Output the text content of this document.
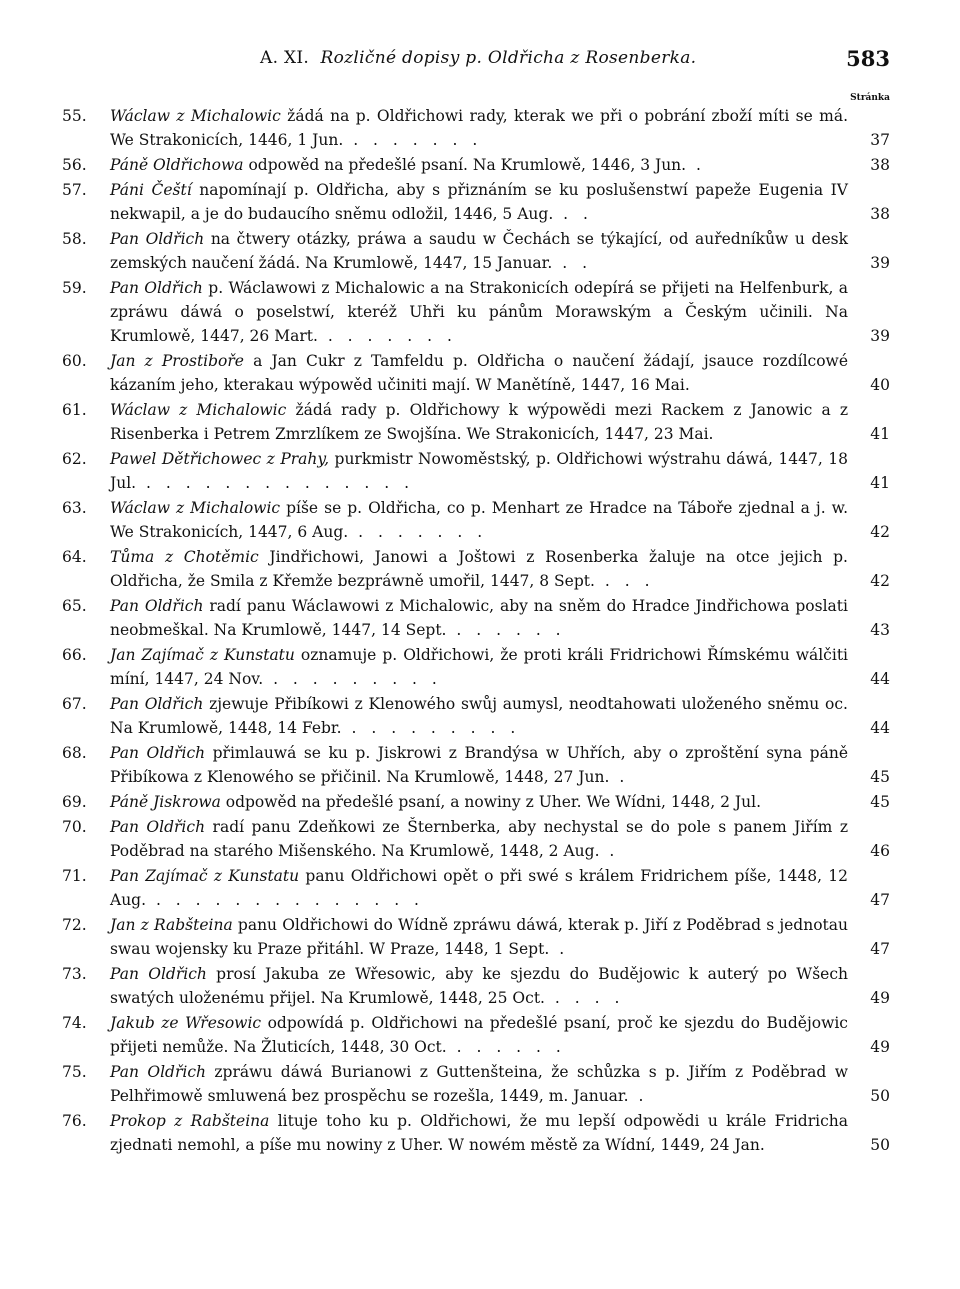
A. XI. Rozličné dopisy p. Oldřicha z Rosenberka.	583
Stránka
55.	Wáclaw z Michalowic žádá na p. Oldřichowi rady, kterak we při o pobrání zboží míti se má. We Strakonicích, 1446, 1 Jun. . . . . . . .	37
56.	Páně Oldřichowa odpowěd na předešlé psaní. Na Krumlowě, 1446, 3 Jun. .	38
57.	Páni Čeští napomínají p. Oldřicha, aby s přiznáním se ku poslušenstwí papeže Eugenia IV nekwapil, a je do budaucího sněmu odložil, 1446, 5 Aug. . .	38
58.	Pan Oldřich na čtwery otázky, práwa a saudu w Čechách se týkající, od auředníkůw u desk zemských naučení žádá. Na Krumlowě, 1447, 15 Januar. . .	39
59.	Pan Oldřich p. Wáclawowi z Michalowic a na Strakonicích odepírá se přijeti na Helfenburk, a zpráwu dáwá o poselstwí, kteréž Uhři ku pánům Morawským a Českým učinili. Na Krumlowě, 1447, 26 Mart. . . . . . . .	39
60.	Jan z Prostiboře a Jan Cukr z Tamfeldu p. Oldřicha o naučení žádají, jsauce rozdílcowé kázaním jeho, kterakau wýpowěd učiniti mají. W Manětíně, 1447, 16 Mai.	40
61.	Wáclaw z Michalowic žádá rady p. Oldřichowy k wýpowědi mezi Rackem z Janowic a z Risenberka i Petrem Zmrzlíkem ze Swojšína. We Strakonicích, 1447, 23 Mai.	41
62.	Pawel Dětřichowec z Prahy, purkmistr Nowoměstský, p. Oldřichowi wýstrahu dáwá, 1447, 18 Jul. . . . . . . . . . . . . . .	41
63.	Wáclaw z Michalowic píše se p. Oldřicha, co p. Menhart ze Hradce na Táboře zjednal a j. w. We Strakonicích, 1447, 6 Aug. . . . . . . .	42
64.	Tůma z Chotěmic Jindřichowi, Janowi a Joštowi z Rosenberka žaluje na otce jejich p. Oldřicha, že Smila z Křemže bezpráwně umořil, 1447, 8 Sept. . . .	42
65.	Pan Oldřich radí panu Wáclawowi z Michalowic, aby na sněm do Hradce Jindřichowa poslati neobmeškal. Na Krumlowě, 1447, 14 Sept. . . . . . .	43
66.	Jan Zajímač z Kunstatu oznamuje p. Oldřichowi, že proti králi Fridrichowi Římskému wálčiti míní, 1447, 24 Nov. . . . . . . . . .	44
67.	Pan Oldřich zjewuje Přibíkowi z Klenowého swůj aumysl, neodtahowati uloženého sněmu oc. Na Krumlowě, 1448, 14 Febr. . . . . . . . . .	44
68.	Pan Oldřich přimlauwá se ku p. Jiskrowi z Brandýsa w Uhřích, aby o zproštění syna páně Přibíkowa z Klenowého se přičinil. Na Krumlowě, 1448, 27 Jun. .	45
69.	Páně Jiskrowa odpowěd na předešlé psaní, a nowiny z Uher. We Wídni, 1448, 2 Jul.	45
70.	Pan Oldřich radí panu Zdeňkowi ze Šternberka, aby nechystal se do pole s panem Jiřím z Poděbrad na starého Mišenského. Na Krumlowě, 1448, 2 Aug. .	46
71.	Pan Zajímač z Kunstatu panu Oldřichowi opět o při swé s králem Fridrichem píše, 1448, 12 Aug. . . . . . . . . . . . . . .	47
72.	Jan z Rabšteina panu Oldřichowi do Wídně zpráwu dáwá, kterak p. Jiří z Poděbrad s jednotau swau wojensky ku Praze přitáhl. W Praze, 1448, 1 Sept. .	47
73.	Pan Oldřich prosí Jakuba ze Wřesowic, aby ke sjezdu do Budějowic k auterý po Wšech swatých uloženému přijel. Na Krumlowě, 1448, 25 Oct. . . . .	49
74.	Jakub ze Wřesowic odpowídá p. Oldřichowi na předešlé psaní, proč ke sjezdu do Budějowic přijeti nemůže. Na Žluticích, 1448, 30 Oct. . . . . . .	49
75.	Pan Oldřich zpráwu dáwá Burianowi z Guttenšteina, že schůzka s p. Jiřím z Poděbrad w Pelhřimowě smluwená bez prospěchu se rozešla, 1449, m. Januar. .	50
76.	Prokop z Rabšteina lituje toho ku p. Oldřichowi, že mu lepší odpowědi u krále Fridricha zjednati nemohl, a píše mu nowiny z Uher. W nowém městě za Wídní, 1449, 24 Jan.	50
